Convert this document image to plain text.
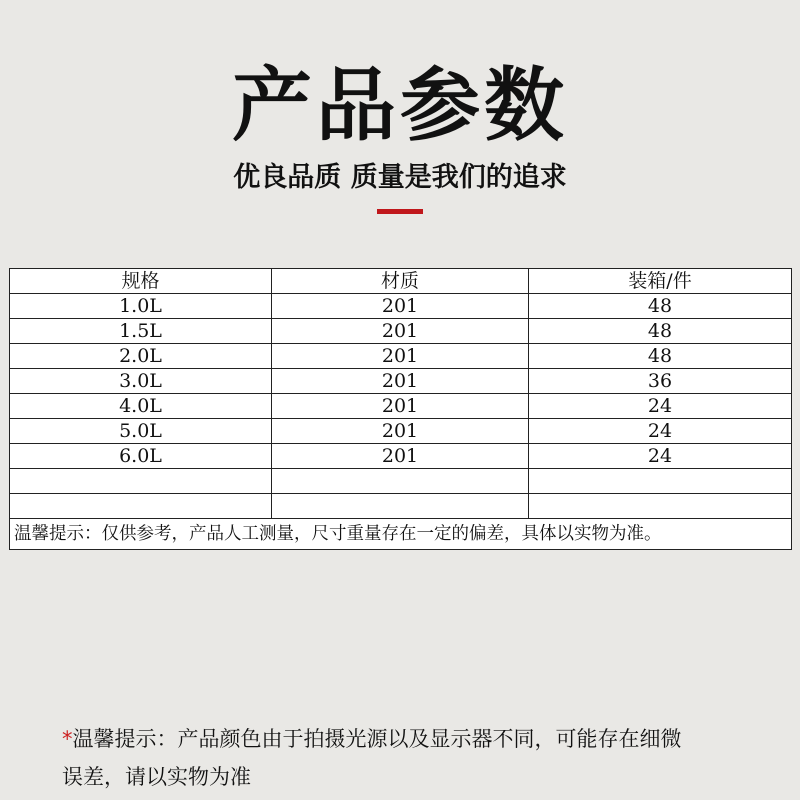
产品参数
优良品质 质量是我们的追求
规格	材质	装箱/件
1.0L	201	48
1.5L	201	48
2.0L	201	48
3.0L	201	36
4.0L	201	24
5.0L	201	24
6.0L	201	24

温馨提示：仅供参考，产品人工测量，尺寸重量存在一定的偏差，具体以实物为准。		
*温馨提示：产品颜色由于拍摄光源以及显示器不同，可能存在细微
误差，请以实物为准
